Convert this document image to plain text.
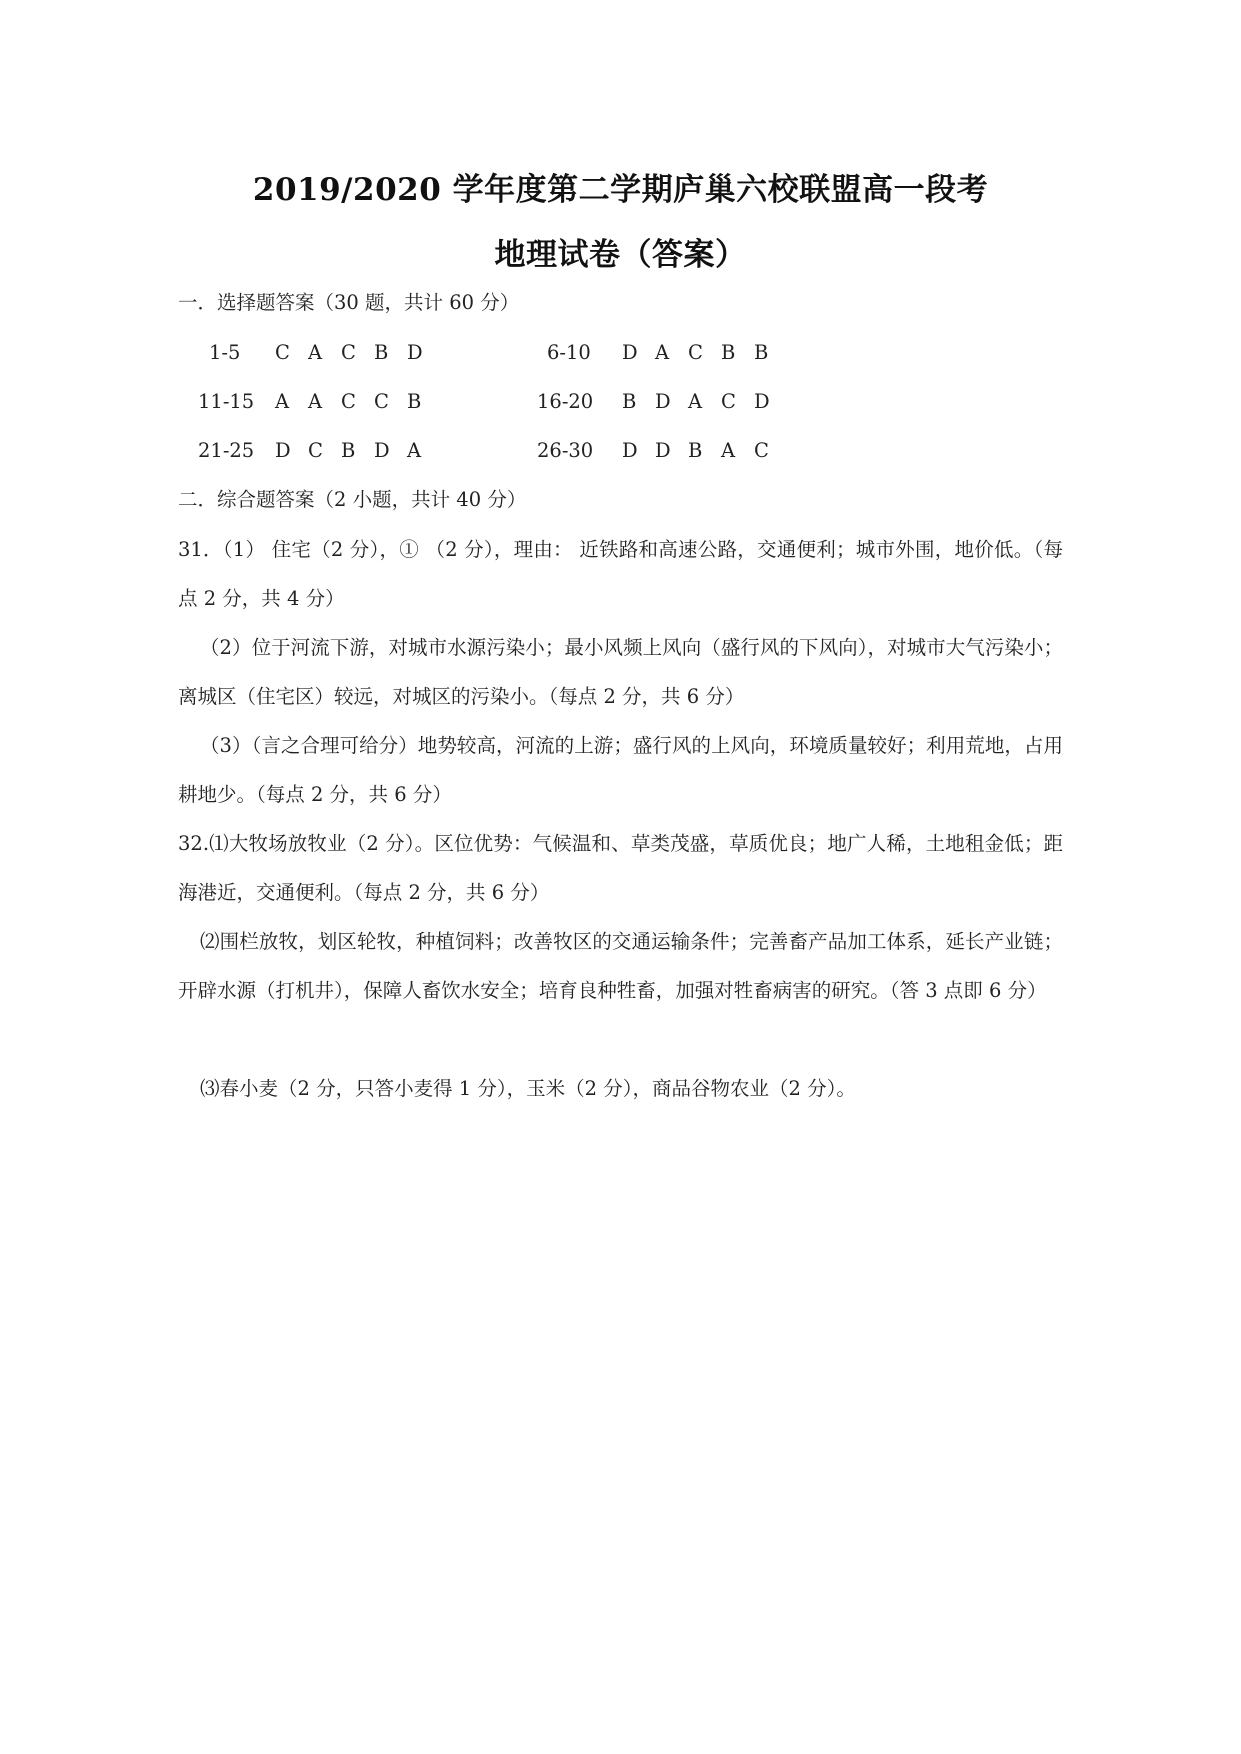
2019/2020 学年度第二学期庐巢六校联盟高一段考
地理试卷（答案）
一．选择题答案（30 题，共计 60 分）
1-5 C A C B D	6-10 D A C B B
11-15 A A C C B	16-20 B D A C D
21-25 D C B D A	26-30 D D B A C
二．综合题答案（2 小题，共计 40 分）
31．（1） 住宅（2 分），① （2 分），理由： 近铁路和高速公路，交通便利；城市外围，地价低。（每点 2 分，共 4 分）
（2）位于河流下游，对城市水源污染小；最小风频上风向（盛行风的下风向），对城市大气污染小；离城区（住宅区）较远，对城区的污染小。（每点 2 分，共 6 分）
（3）（言之合理可给分）地势较高，河流的上游；盛行风的上风向，环境质量较好；利用荒地，占用耕地少。（每点 2 分，共 6 分）
32.⑴大牧场放牧业（2 分）。区位优势：气候温和、草类茂盛，草质优良；地广人稀，土地租金低；距海港近，交通便利。（每点 2 分，共 6 分）
⑵围栏放牧，划区轮牧，种植饲料；改善牧区的交通运输条件；完善畜产品加工体系，延长产业链；开辟水源（打机井），保障人畜饮水安全；培育良种牲畜，加强对牲畜病害的研究。（答 3 点即 6 分）
⑶春小麦（2 分，只答小麦得 1 分），玉米（2 分），商品谷物农业（2 分）。
